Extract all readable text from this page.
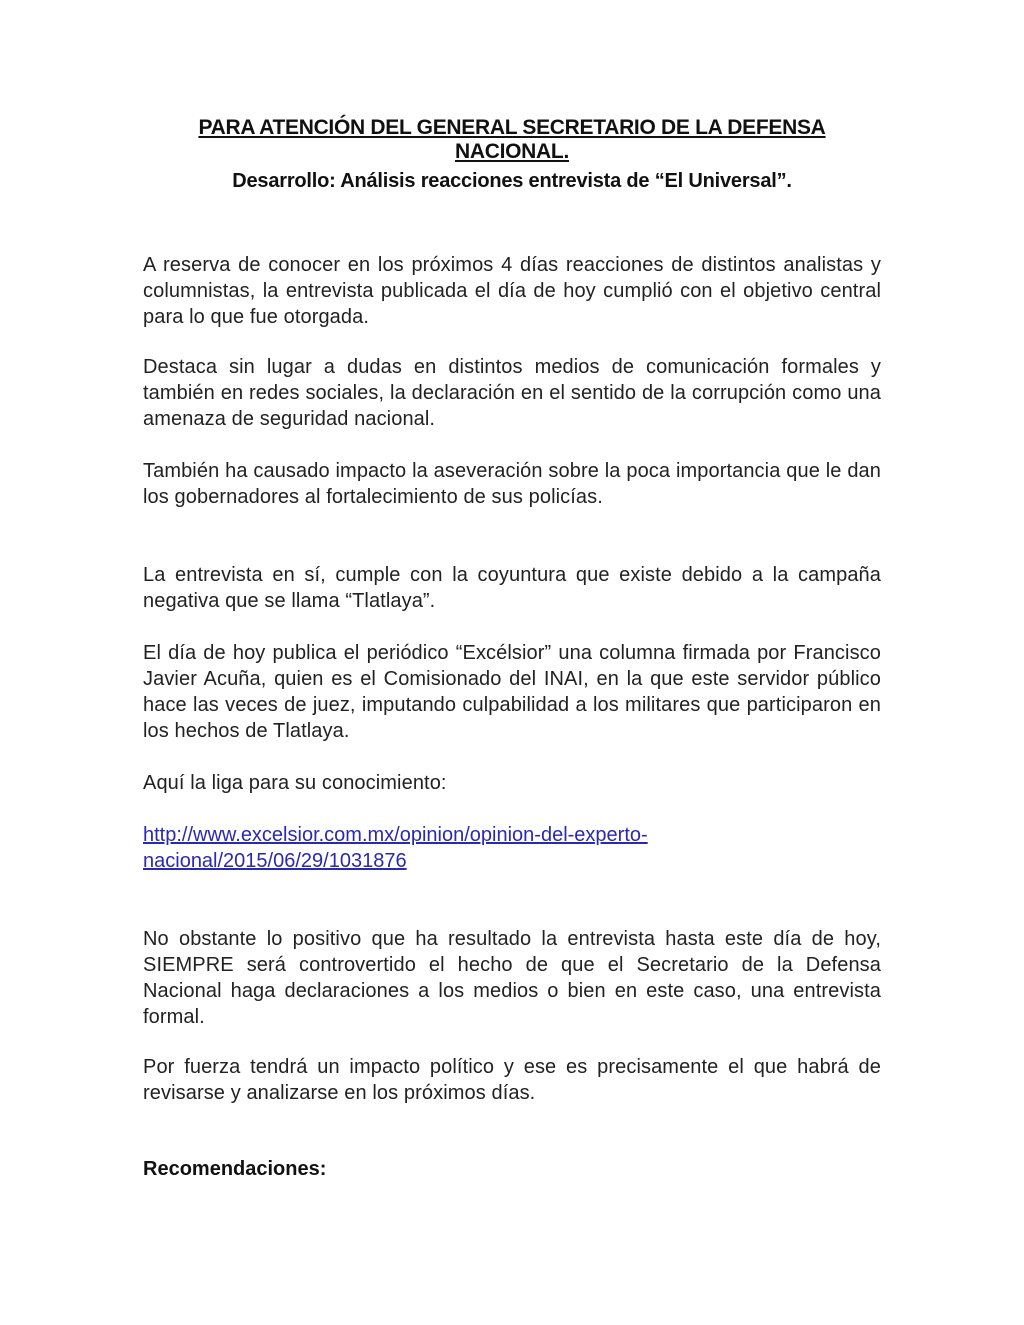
PARA ATENCIÓN DEL GENERAL SECRETARIO DE LA DEFENSA NACIONAL.
Desarrollo: Análisis reacciones entrevista de “El Universal”.

A reserva de conocer en los próximos 4 días reacciones de distintos analistas y columnistas, la entrevista publicada el día de hoy cumplió con el objetivo central para lo que fue otorgada.

Destaca sin lugar a dudas en distintos medios de comunicación formales y también en redes sociales, la declaración en el sentido de la corrupción como una amenaza de seguridad nacional.

También ha causado impacto la aseveración sobre la poca importancia que le dan los gobernadores al fortalecimiento de sus policías.

La entrevista en sí, cumple con la coyuntura que existe debido a la campaña negativa que se llama “Tlatlaya”.

El día de hoy publica el periódico “Excélsior” una columna firmada por Francisco Javier Acuña, quien es el Comisionado del INAI, en la que este servidor público hace las veces de juez, imputando culpabilidad a los militares que participaron en los hechos de Tlatlaya.

Aquí la liga para su conocimiento:

http://www.excelsior.com.mx/opinion/opinion-del-experto-
nacional/2015/06/29/1031876

No obstante lo positivo que ha resultado la entrevista hasta este día de hoy, SIEMPRE será controvertido el hecho de que el Secretario de la Defensa Nacional haga declaraciones a los medios o bien en este caso, una entrevista formal.

Por fuerza tendrá un impacto político y ese es precisamente el que habrá de revisarse y analizarse en los próximos días.

Recomendaciones:
